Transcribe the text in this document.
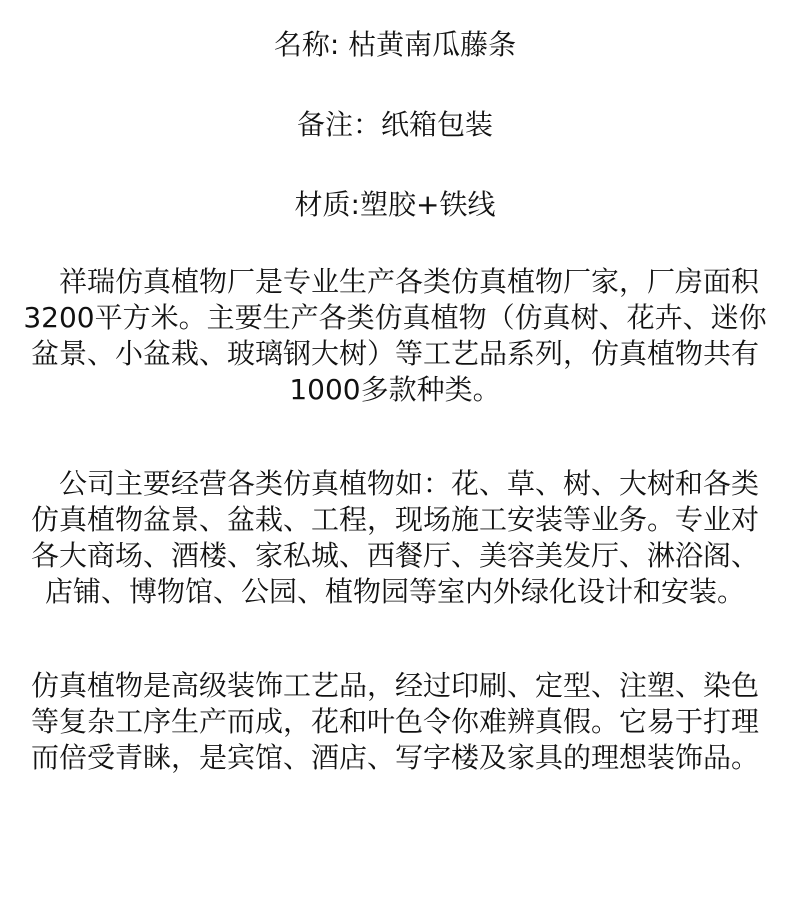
名称: 枯黄南瓜藤条

备注：纸箱包装

材质:塑胶+铁线

　祥瑞仿真植物厂是专业生产各类仿真植物厂家，厂房面积3200平方米。主要生产各类仿真植物（仿真树、花卉、迷你盆景、小盆栽、玻璃钢大树）等工艺品系列，仿真植物共有1000多款种类。

　公司主要经营各类仿真植物如：花、草、树、大树和各类仿真植物盆景、盆栽、工程，现场施工安装等业务。专业对各大商场、酒楼、家私城、西餐厅、美容美发厅、淋浴阁、店铺、博物馆、公园、植物园等室内外绿化设计和安装。

仿真植物是高级装饰工艺品，经过印刷、定型、注塑、染色等复杂工序生产而成，花和叶色令你难辨真假。它易于打理而倍受青睐，是宾馆、酒店、写字楼及家具的理想装饰品。
